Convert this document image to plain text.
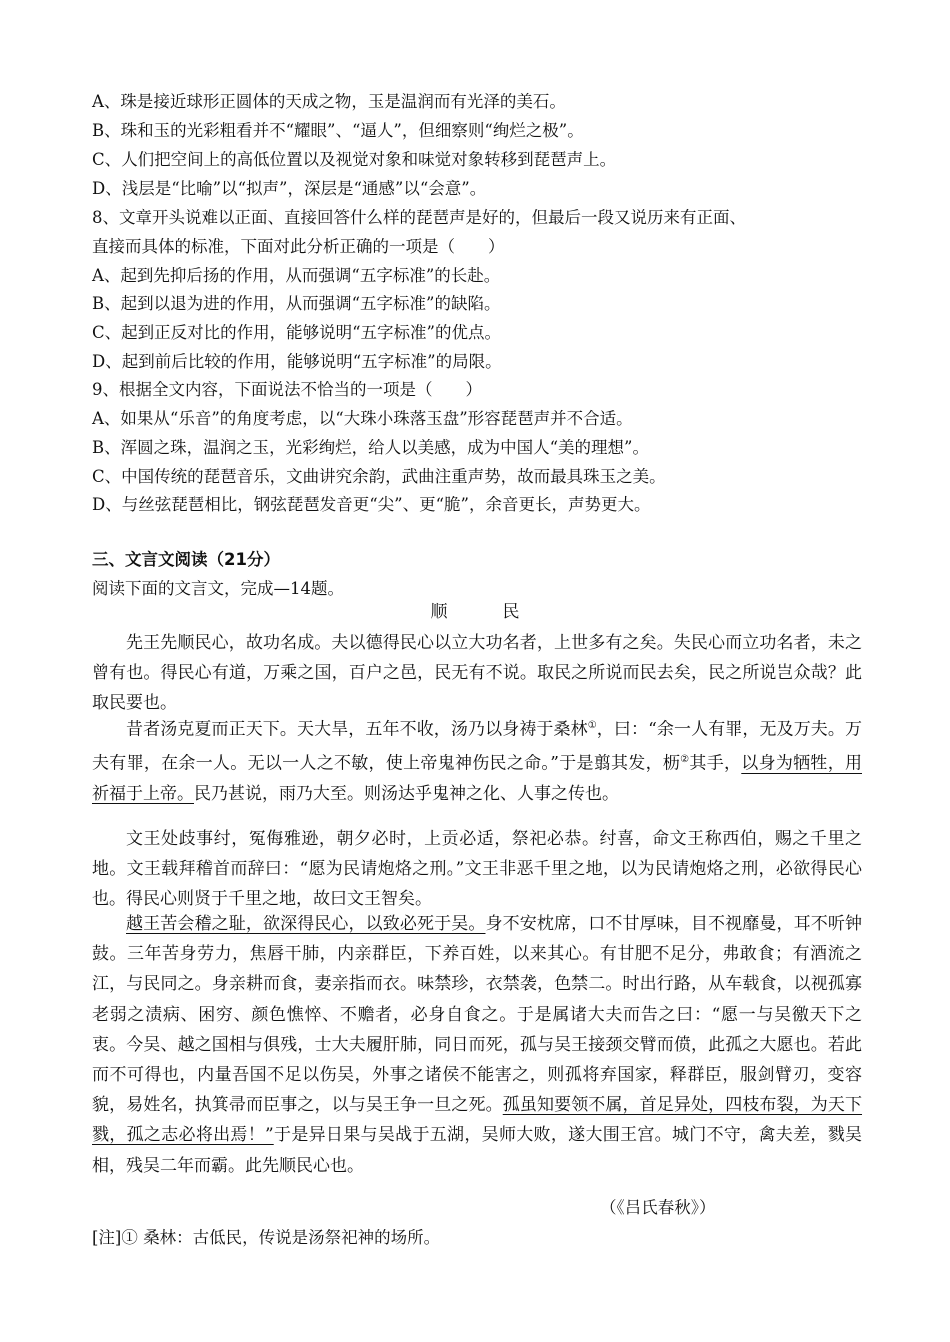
A、珠是接近球形正圆体的天成之物，玉是温润而有光泽的美石。
B、珠和玉的光彩粗看并不“耀眼”、“逼人”，但细察则“绚烂之极”。
C、人们把空间上的高低位置以及视觉对象和味觉对象转移到琵琶声上。
D、浅层是“比喻”以“拟声”，深层是“通感”以“会意”。
8、文章开头说难以正面、直接回答什么样的琵琶声是好的，但最后一段又说历来有正面、
直接而具体的标准，下面对此分析正确的一项是（　　）
A、起到先抑后扬的作用，从而强调“五字标准”的长赴。
B、起到以退为进的作用，从而强调“五字标准”的缺陷。
C、起到正反对比的作用，能够说明“五字标准”的优点。
D、起到前后比较的作用，能够说明“五字标准”的局限。
9、根据全文内容，下面说法不恰当的一项是（　　）
A、如果从“乐音”的角度考虑，以“大珠小珠落玉盘”形容琵琶声并不合适。
B、浑圆之珠，温润之玉，光彩绚烂，给人以美感，成为中国人“美的理想”。
C、中国传统的琵琶音乐，文曲讲究余韵，武曲注重声势，故而最具珠玉之美。
D、与丝弦琵琶相比，钢弦琵琶发音更“尖”、更“脆”，余音更长，声势更大。
三、文言文阅读（21分）
阅读下面的文言文，完成—14题。
顺民

先王先顺民心，故功名成。夫以德得民心以立大功名者，上世多有之矣。失民心而立功名者，未之曾有也。得民心有道，万乘之国，百户之邑，民无有不说。取民之所说而民去矣，民之所说岂众哉？此取民要也。

昔者汤克夏而正天下。天大旱，五年不收，汤乃以身祷于桑林①，曰：“余一人有罪，无及万夫。万夫有罪，在余一人。无以一人之不敏，使上帝鬼神伤民之命。”于是翦其发，枥②其手，以身为牺牲，用祈福于上帝。民乃甚说，雨乃大至。则汤达乎鬼神之化、人事之传也。

文王处歧事纣，冤侮雅逊，朝夕必时，上贡必适，祭祀必恭。纣喜，命文王称西伯，赐之千里之地。文王载拜稽首而辞曰：“愿为民请炮烙之刑。”文王非恶千里之地，以为民请炮烙之刑，必欲得民心也。得民心则贤于千里之地，故曰文王智矣。

越王苦会稽之耻，欲深得民心，以致必死于吴。身不安枕席，口不甘厚味，目不视靡曼，耳不听钟鼓。三年苦身劳力，焦唇干肺，内亲群臣，下养百姓，以来其心。有甘肥不足分，弗敢食；有酒流之江，与民同之。身亲耕而食，妻亲指而衣。味禁珍，衣禁袭，色禁二。时出行路，从车载食，以视孤寡老弱之渍病、困穷、颜色憔悴、不赡者，必身自食之。于是属诸大夫而告之曰：“愿一与吴徼天下之衷。今吴、越之国相与俱残，士大夫履肝肺，同日而死，孤与吴王接颈交臂而偾，此孤之大愿也。若此而不可得也，内量吾国不足以伤吴，外事之诸侯不能害之，则孤将弃国家，释群臣，服剑臂刃，变容貌，易姓名，执箕帚而臣事之，以与吴王争一旦之死。孤虽知要领不属，首足异处，四枝布裂，为天下戮，孤之志必将出焉！”于是异日果与吴战于五湖，吴师大败，遂大围王宫。城门不守，禽夫差，戮吴相，残吴二年而霸。此先顺民心也。

（《吕氏春秋》）
[注]① 桑林：古低民，传说是汤祭祀神的场所。
